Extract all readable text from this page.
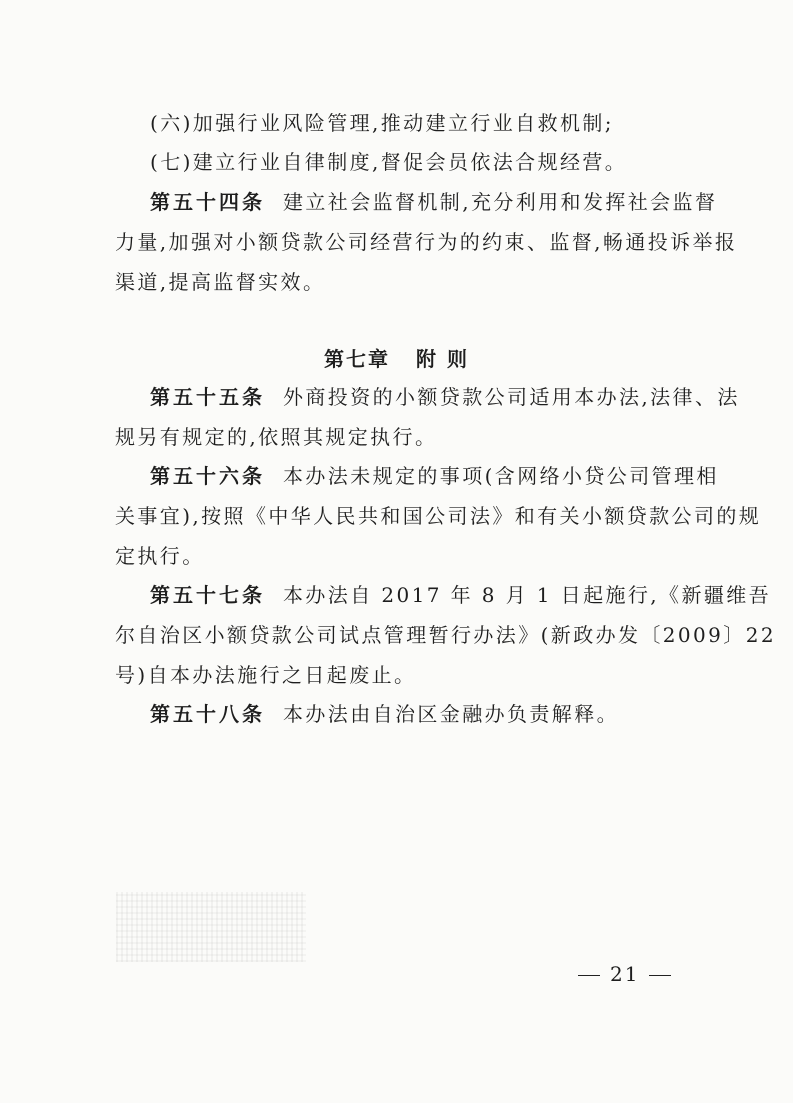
(六)加强行业风险管理,推动建立行业自救机制;
(七)建立行业自律制度,督促会员依法合规经营。
第五十四条 建立社会监督机制,充分利用和发挥社会监督
力量,加强对小额贷款公司经营行为的约束、监督,畅通投诉举报
渠道,提高监督实效。
第七章 附 则
第五十五条 外商投资的小额贷款公司适用本办法,法律、法
规另有规定的,依照其规定执行。
第五十六条 本办法未规定的事项(含网络小贷公司管理相
关事宜),按照《中华人民共和国公司法》和有关小额贷款公司的规
定执行。
第五十七条 本办法自 2017 年 8 月 1 日起施行,《新疆维吾
尔自治区小额贷款公司试点管理暂行办法》(新政办发〔2009〕22
号)自本办法施行之日起废止。
第五十八条 本办法由自治区金融办负责解释。
21
